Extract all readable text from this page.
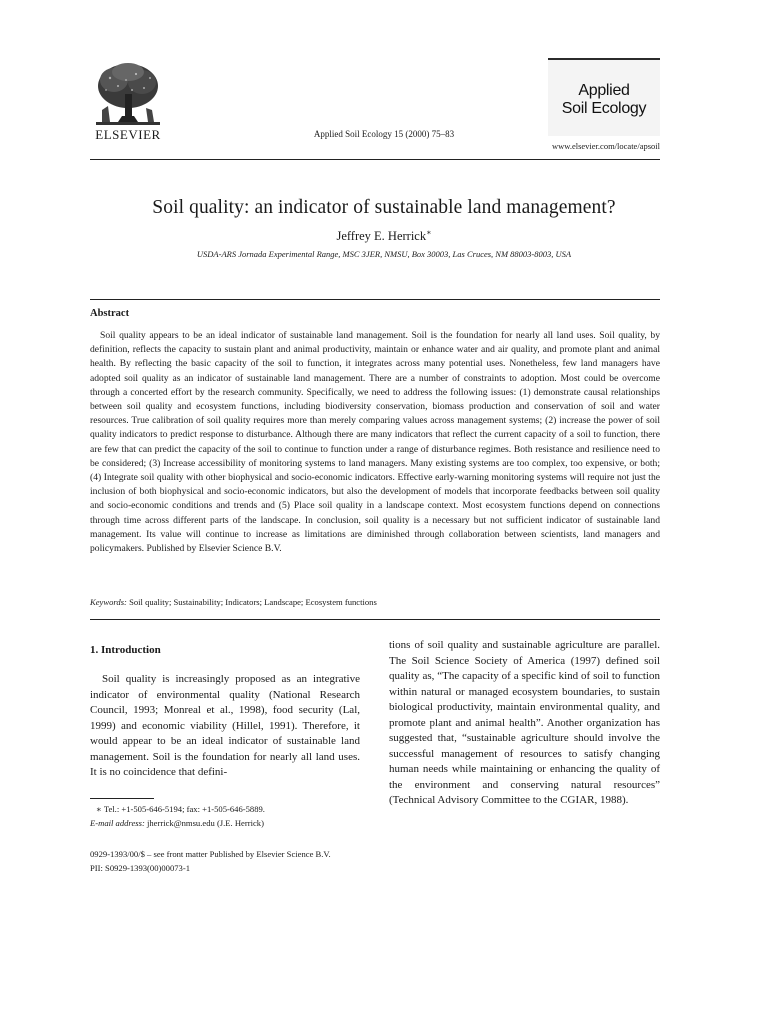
ELSEVIER	Applied Soil Ecology 15 (2000) 75–83
Applied
Soil Ecology
www.elsevier.com/locate/apsoil
Soil quality: an indicator of sustainable land management?
Jeffrey E. Herrick∗
USDA-ARS Jornada Experimental Range, MSC 3JER, NMSU, Box 30003, Las Cruces, NM 88003-8003, USA
Abstract
Soil quality appears to be an ideal indicator of sustainable land management. Soil is the foundation for nearly all land uses. Soil quality, by definition, reflects the capacity to sustain plant and animal productivity, maintain or enhance water and air quality, and promote plant and animal health. By reflecting the basic capacity of the soil to function, it integrates across many potential uses. Nonetheless, few land managers have adopted soil quality as an indicator of sustainable land management. There are a number of constraints to adoption. Most could be overcome through a concerted effort by the research community. Specifically, we need to address the following issues: (1) demonstrate causal relationships between soil quality and ecosystem functions, including biodiversity conservation, biomass production and conservation of soil and water resources. True calibration of soil quality requires more than merely comparing values across management systems; (2) increase the power of soil quality indicators to predict response to disturbance. Although there are many indicators that reflect the current capacity of a soil to function, there are few that can predict the capacity of the soil to continue to function under a range of disturbance regimes. Both resistance and resilience need to be considered; (3) Increase accessibility of monitoring systems to land managers. Many existing systems are too complex, too expensive, or both; (4) Integrate soil quality with other biophysical and socio-economic indicators. Effective early-warning monitoring systems will require not just the inclusion of both biophysical and socio-economic indicators, but also the development of models that incorporate feedbacks between soil quality and socio-economic conditions and trends and (5) Place soil quality in a landscape context. Most ecosystem functions depend on connections through time across different parts of the landscape. In conclusion, soil quality is a necessary but not sufficient indicator of sustainable land management. Its value will continue to increase as limitations are diminished through collaboration between scientists, land managers and policymakers. Published by Elsevier Science B.V.
Keywords: Soil quality; Sustainability; Indicators; Landscape; Ecosystem functions
1. Introduction

Soil quality is increasingly proposed as an integrative indicator of environmental quality (National Research Council, 1993; Monreal et al., 1998), food security (Lal, 1999) and economic viability (Hillel, 1991). Therefore, it would appear to be an ideal indicator of sustainable land management. Soil is the foundation for nearly all land uses. It is no coincidence that defini-

tions of soil quality and sustainable agriculture are parallel. The Soil Science Society of America (1997) defined soil quality as, “The capacity of a specific kind of soil to function within natural or managed ecosystem boundaries, to sustain biological productivity, maintain environmental quality, and promote plant and animal health”. Another organization has suggested that, “sustainable agriculture should involve the successful management of resources to satisfy changing human needs while maintaining or enhancing the quality of the environment and conserving natural resources” (Technical Advisory Committee to the CGIAR, 1988).

∗ Tel.: +1-505-646-5194; fax: +1-505-646-5889.
E-mail address: jherrick@nmsu.edu (J.E. Herrick)
0929-1393/00/$ – see front matter Published by Elsevier Science B.V.
PII: S0929-1393(00)00073-1
